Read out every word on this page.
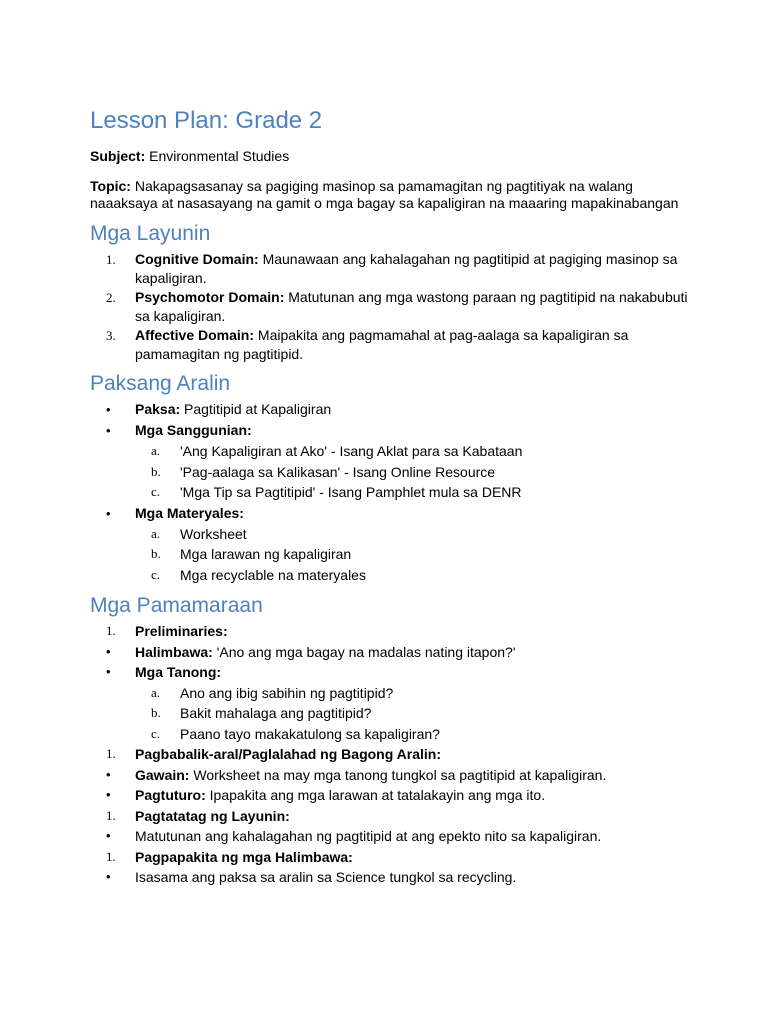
Lesson Plan: Grade 2

Subject: Environmental Studies

Topic: Nakapagsasanay sa pagiging masinop sa pamamagitan ng pagtitiyak na walang naaaksaya at nasasayang na gamit o mga bagay sa kapaligiran na maaaring mapakinabangan

Mga Layunin
1.	Cognitive Domain: Maunawaan ang kahalagahan ng pagtitipid at pagiging masinop sa kapaligiran.
2.	Psychomotor Domain: Matutunan ang mga wastong paraan ng pagtitipid na nakabubuti sa kapaligiran.
3.	Affective Domain: Maipakita ang pagmamahal at pag-aalaga sa kapaligiran sa pamamagitan ng pagtitipid.
Paksang Aralin
•	Paksa: Pagtitipid at Kapaligiran
•	Mga Sanggunian:
a.	'Ang Kapaligiran at Ako' - Isang Aklat para sa Kabataan
b.	'Pag-aalaga sa Kalikasan' - Isang Online Resource
c.	'Mga Tip sa Pagtitipid' - Isang Pamphlet mula sa DENR
•	Mga Materyales:
a.	Worksheet
b.	Mga larawan ng kapaligiran
c.	Mga recyclable na materyales
Mga Pamamaraan
1.	Preliminaries:
•	Halimbawa: 'Ano ang mga bagay na madalas nating itapon?'
•	Mga Tanong:
a.	Ano ang ibig sabihin ng pagtitipid?
b.	Bakit mahalaga ang pagtitipid?
c.	Paano tayo makakatulong sa kapaligiran?
1.	Pagbabalik-aral/Paglalahad ng Bagong Aralin:
•	Gawain: Worksheet na may mga tanong tungkol sa pagtitipid at kapaligiran.
•	Pagtuturo: Ipapakita ang mga larawan at tatalakayin ang mga ito.
1.	Pagtatatag ng Layunin:
•	Matutunan ang kahalagahan ng pagtitipid at ang epekto nito sa kapaligiran.
1.	Pagpapakita ng mga Halimbawa:
•	Isasama ang paksa sa aralin sa Science tungkol sa recycling.
